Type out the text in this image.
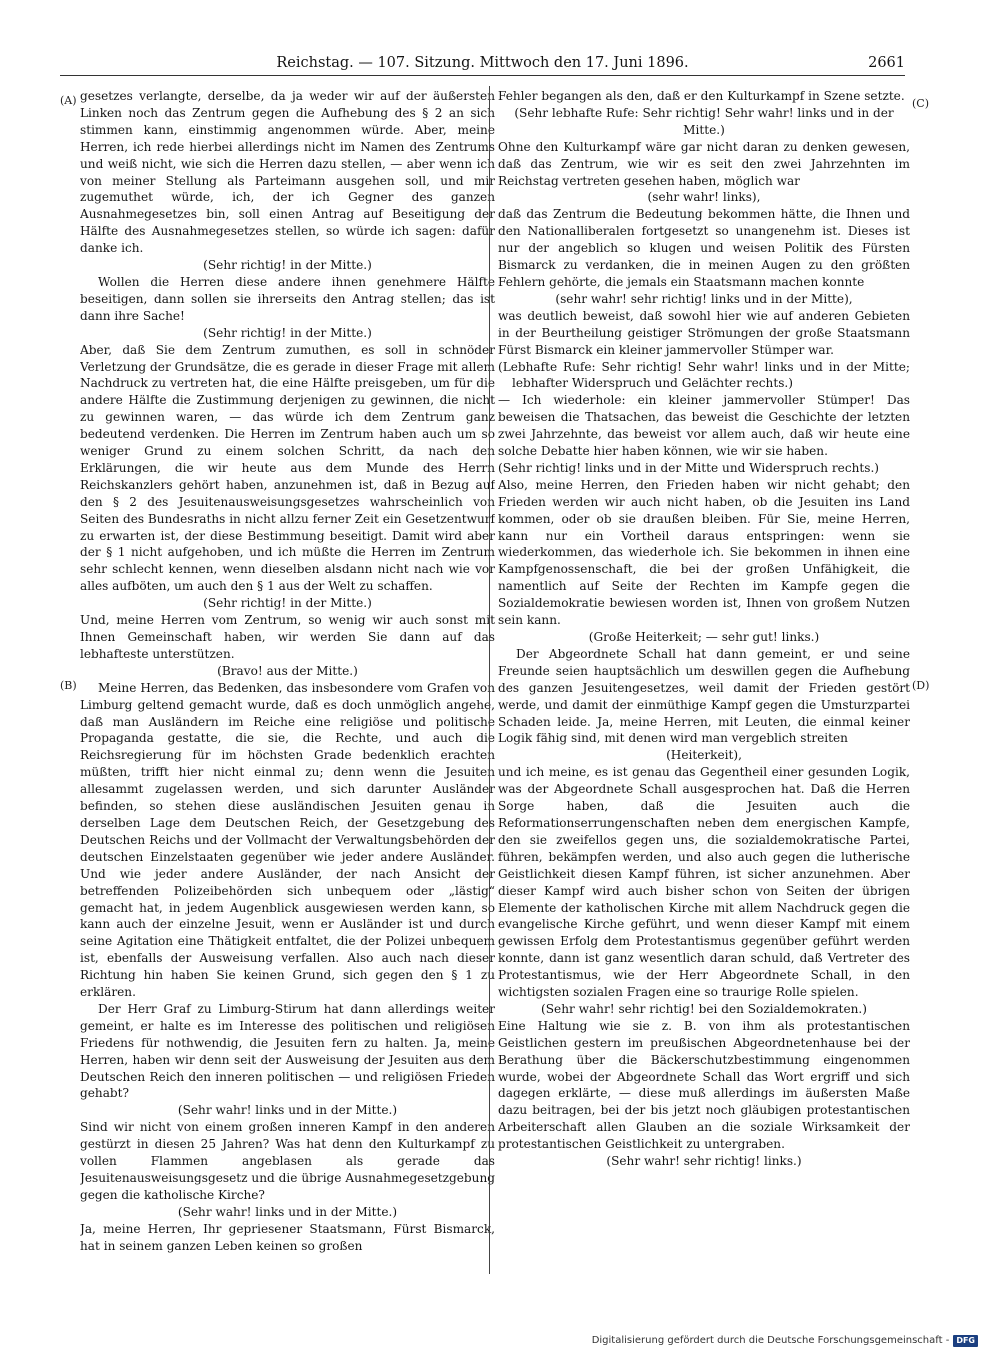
Reichstag. — 107. Sitzung. Mittwoch den 17. Juni 1896.	2661
(A)
(B)
(C)
(D)

gesetzes verlangte, derselbe, da ja weder wir auf der äußersten Linken noch das Zentrum gegen die Aufhebung des § 2 an sich stimmen kann, einstimmig angenommen würde. Aber, meine Herren, ich rede hierbei allerdings nicht im Namen des Zentrums und weiß nicht, wie sich die Herren dazu stellen, — aber wenn ich von meiner Stellung als Parteimann ausgehen soll, und mir zugemuthet würde, ich, der ich Gegner des ganzen Ausnahmegesetzes bin, soll einen Antrag auf Beseitigung der Hälfte des Ausnahmegesetzes stellen, so würde ich sagen: dafür danke ich.

(Sehr richtig! in der Mitte.)

Wollen die Herren diese andere ihnen genehmere Hälfte beseitigen, dann sollen sie ihrerseits den Antrag stellen; das ist dann ihre Sache!

(Sehr richtig! in der Mitte.)

Aber, daß Sie dem Zentrum zumuthen, es soll in schnöder Verletzung der Grundsätze, die es gerade in dieser Frage mit allem Nachdruck zu vertreten hat, die eine Hälfte preisgeben, um für die andere Hälfte die Zustimmung derjenigen zu gewinnen, die nicht zu gewinnen waren, — das würde ich dem Zentrum ganz bedeutend verdenken. Die Herren im Zentrum haben auch um so weniger Grund zu einem solchen Schritt, da nach den Erklärungen, die wir heute aus dem Munde des Herrn Reichskanzlers gehört haben, anzunehmen ist, daß in Bezug auf den § 2 des Jesuitenausweisungsgesetzes wahrscheinlich von Seiten des Bundesraths in nicht allzu ferner Zeit ein Gesetzentwurf zu erwarten ist, der diese Bestimmung beseitigt. Damit wird aber der § 1 nicht aufgehoben, und ich müßte die Herren im Zentrum sehr schlecht kennen, wenn dieselben alsdann nicht nach wie vor alles aufböten, um auch den § 1 aus der Welt zu schaffen.

(Sehr richtig! in der Mitte.)

Und, meine Herren vom Zentrum, so wenig wir auch sonst mit Ihnen Gemeinschaft haben, wir werden Sie dann auf das lebhafteste unterstützen.

(Bravo! aus der Mitte.)

Meine Herren, das Bedenken, das insbesondere vom Grafen von Limburg geltend gemacht wurde, daß es doch unmöglich angehe, daß man Ausländern im Reiche eine religiöse und politische Propaganda gestatte, die sie, die Rechte, und auch die Reichsregierung für im höchsten Grade bedenklich erachten müßten, trifft hier nicht einmal zu; denn wenn die Jesuiten allesammt zugelassen werden, und sich darunter Ausländer befinden, so stehen diese ausländischen Jesuiten genau in derselben Lage dem Deutschen Reich, der Gesetzgebung des Deutschen Reichs und der Vollmacht der Verwaltungsbehörden der deutschen Einzelstaaten gegenüber wie jeder andere Ausländer. Und wie jeder andere Ausländer, der nach Ansicht der betreffenden Polizeibehörden sich unbequem oder „lästig“ gemacht hat, in jedem Augenblick ausgewiesen werden kann, so kann auch der einzelne Jesuit, wenn er Ausländer ist und durch seine Agitation eine Thätigkeit entfaltet, die der Polizei unbequem ist, ebenfalls der Ausweisung verfallen. Also auch nach dieser Richtung hin haben Sie keinen Grund, sich gegen den § 1 zu erklären.

Der Herr Graf zu Limburg-Stirum hat dann allerdings weiter gemeint, er halte es im Interesse des politischen und religiösen Friedens für nothwendig, die Jesuiten fern zu halten. Ja, meine Herren, haben wir denn seit der Ausweisung der Jesuiten aus dem Deutschen Reich den inneren politischen — und religiösen Frieden gehabt?

(Sehr wahr! links und in der Mitte.)

Sind wir nicht von einem großen inneren Kampf in den anderen gestürzt in diesen 25 Jahren? Was hat denn den Kulturkampf zu vollen Flammen angeblasen als gerade das Jesuitenausweisungsgesetz und die übrige Ausnahmegesetzgebung gegen die katholische Kirche?

(Sehr wahr! links und in der Mitte.)

Ja, meine Herren, Ihr gepriesener Staatsmann, Fürst Bismarck, hat in seinem ganzen Leben keinen so großen

Fehler begangen als den, daß er den Kulturkampf in Szene setzte.

(Sehr lebhafte Rufe: Sehr richtig! Sehr wahr! links und in der Mitte.)

Ohne den Kulturkampf wäre gar nicht daran zu denken gewesen, daß das Zentrum, wie wir es seit den zwei Jahrzehnten im Reichstag vertreten gesehen haben, möglich war

(sehr wahr! links),

daß das Zentrum die Bedeutung bekommen hätte, die Ihnen und den Nationalliberalen fortgesetzt so unangenehm ist. Dieses ist nur der angeblich so klugen und weisen Politik des Fürsten Bismarck zu verdanken, die in meinen Augen zu den größten Fehlern gehörte, die jemals ein Staatsmann machen konnte

(sehr wahr! sehr richtig! links und in der Mitte),

was deutlich beweist, daß sowohl hier wie auf anderen Gebieten in der Beurtheilung geistiger Strömungen der große Staatsmann Fürst Bismarck ein kleiner jammervoller Stümper war.

(Lebhafte Rufe: Sehr richtig! Sehr wahr! links und in der Mitte; lebhafter Widerspruch und Gelächter rechts.)

— Ich wiederhole: ein kleiner jammervoller Stümper! Das beweisen die Thatsachen, das beweist die Geschichte der letzten zwei Jahrzehnte, das beweist vor allem auch, daß wir heute eine solche Debatte hier haben können, wie wir sie haben.

(Sehr richtig! links und in der Mitte und Widerspruch rechts.)

Also, meine Herren, den Frieden haben wir nicht gehabt; den Frieden werden wir auch nicht haben, ob die Jesuiten ins Land kommen, oder ob sie draußen bleiben. Für Sie, meine Herren, kann nur ein Vortheil daraus entspringen: wenn sie wiederkommen, das wiederhole ich. Sie bekommen in ihnen eine Kampfgenossenschaft, die bei der großen Unfähigkeit, die namentlich auf Seite der Rechten im Kampfe gegen die Sozialdemokratie bewiesen worden ist, Ihnen von großem Nutzen sein kann.

(Große Heiterkeit; — sehr gut! links.)

Der Abgeordnete Schall hat dann gemeint, er und seine Freunde seien hauptsächlich um deswillen gegen die Aufhebung des ganzen Jesuitengesetzes, weil damit der Frieden gestört werde, und damit der einmüthige Kampf gegen die Umsturzpartei Schaden leide. Ja, meine Herren, mit Leuten, die einmal keiner Logik fähig sind, mit denen wird man vergeblich streiten

(Heiterkeit),

und ich meine, es ist genau das Gegentheil einer gesunden Logik, was der Abgeordnete Schall ausgesprochen hat. Daß die Herren Sorge haben, daß die Jesuiten auch die Reformationserrungenschaften neben dem energischen Kampfe, den sie zweifellos gegen uns, die sozialdemokratische Partei, führen, bekämpfen werden, und also auch gegen die lutherische Geistlichkeit diesen Kampf führen, ist sicher anzunehmen. Aber dieser Kampf wird auch bisher schon von Seiten der übrigen Elemente der katholischen Kirche mit allem Nachdruck gegen die evangelische Kirche geführt, und wenn dieser Kampf mit einem gewissen Erfolg dem Protestantismus gegenüber geführt werden konnte, dann ist ganz wesentlich daran schuld, daß Vertreter des Protestantismus, wie der Herr Abgeordnete Schall, in den wichtigsten sozialen Fragen eine so traurige Rolle spielen.

(Sehr wahr! sehr richtig! bei den Sozialdemokraten.)

Eine Haltung wie sie z. B. von ihm als protestantischen Geistlichen gestern im preußischen Abgeordnetenhause bei der Berathung über die Bäckerschutzbestimmung eingenommen wurde, wobei der Abgeordnete Schall das Wort ergriff und sich dagegen erklärte, — diese muß allerdings im äußersten Maße dazu beitragen, bei der bis jetzt noch gläubigen protestantischen Arbeiterschaft allen Glauben an die soziale Wirksamkeit der protestantischen Geistlichkeit zu untergraben.

(Sehr wahr! sehr richtig! links.)

Digitalisierung gefördert durch die Deutsche Forschungsgemeinschaft - DFG
